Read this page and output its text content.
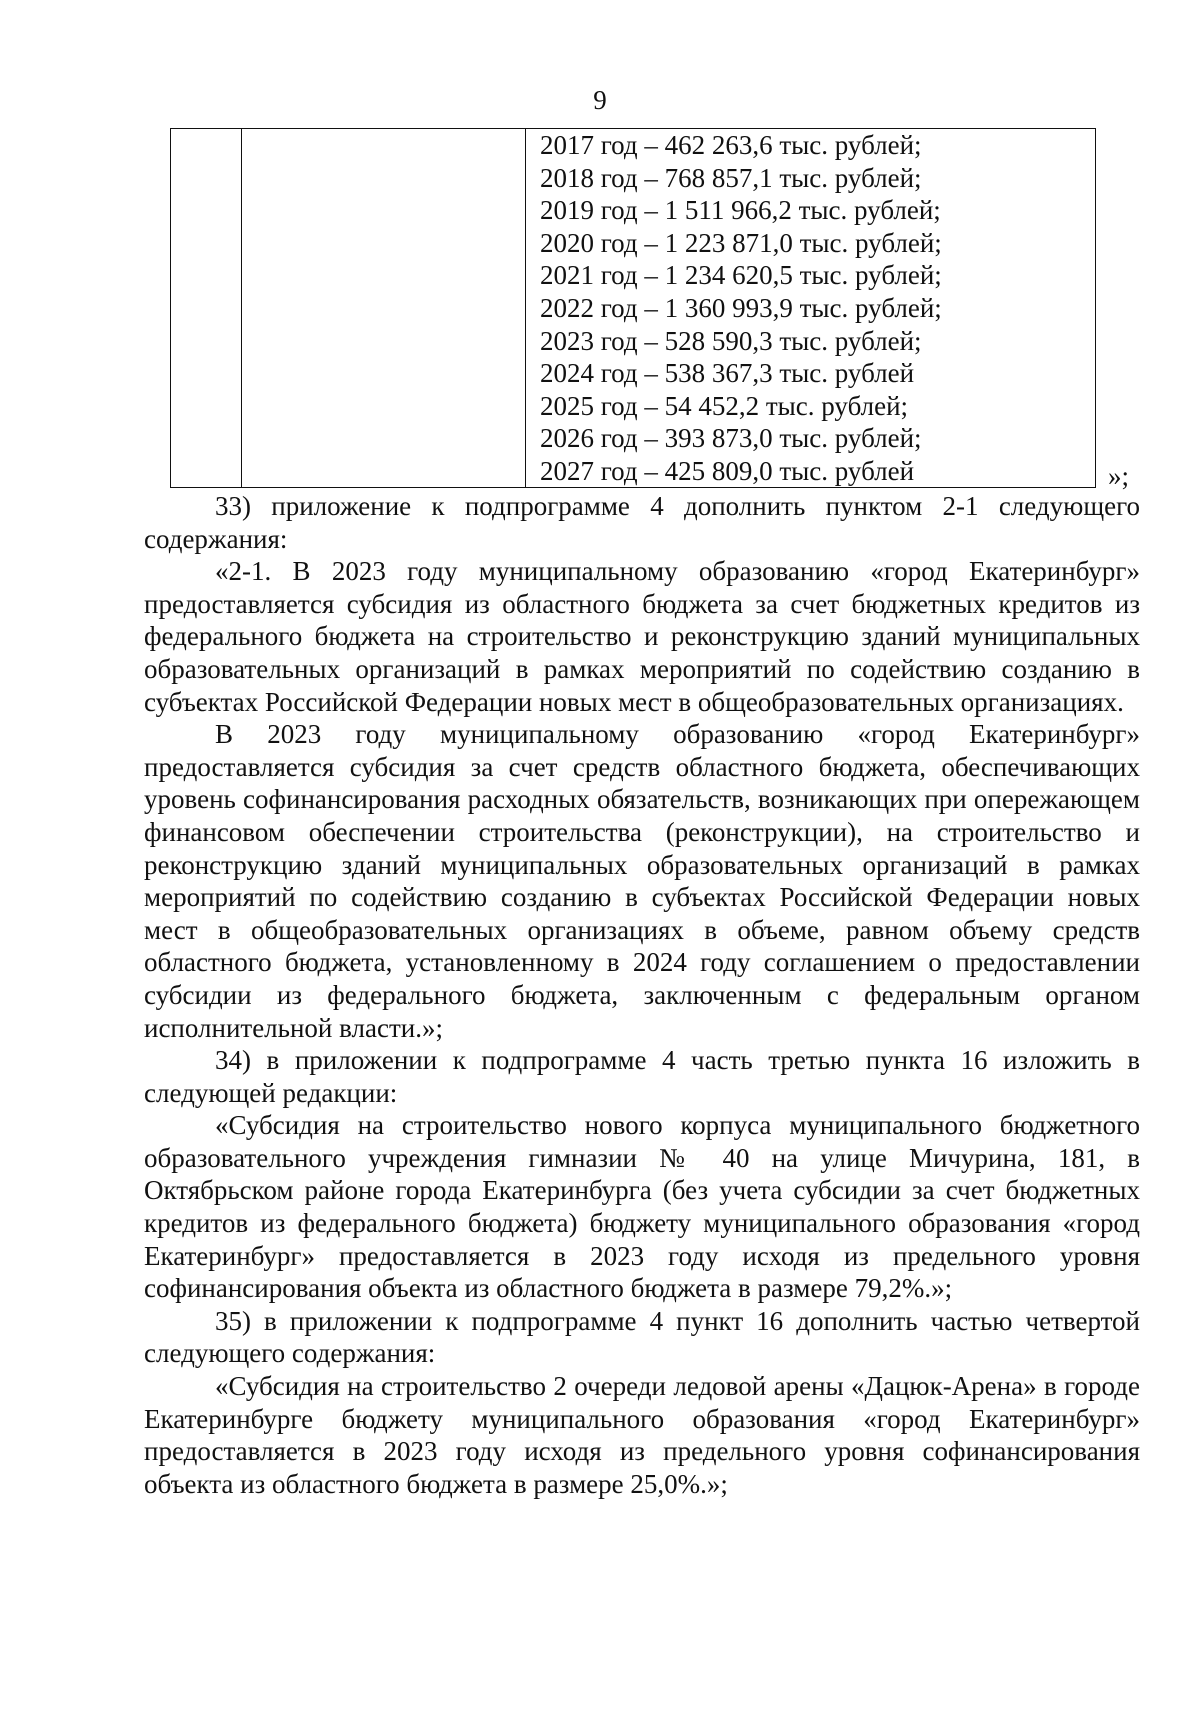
9
2017 год – 462 263,6 тыс. рублей;
2018 год – 768 857,1 тыс. рублей;
2019 год – 1 511 966,2 тыс. рублей;
2020 год – 1 223 871,0 тыс. рублей;
2021 год – 1 234 620,5 тыс. рублей;
2022 год – 1 360 993,9 тыс. рублей;
2023 год – 528 590,3 тыс. рублей;
2024 год – 538 367,3 тыс. рублей
2025 год – 54 452,2 тыс. рублей;
2026 год – 393 873,0 тыс. рублей;
2027 год – 425 809,0 тыс. рублей	»;

33) приложение к подпрограмме 4 дополнить пунктом 2-1 следующего содержания:

«2-1. В 2023 году муниципальному образованию «город Екатеринбург» предоставляется субсидия из областного бюджета за счет бюджетных кредитов из федерального бюджета на строительство и реконструкцию зданий муниципальных образовательных организаций в рамках мероприятий по содействию созданию в субъектах Российской Федерации новых мест в общеобразовательных организациях.

В 2023 году муниципальному образованию «город Екатеринбург» предоставляется субсидия за счет средств областного бюджета, обеспечивающих уровень софинансирования расходных обязательств, возникающих при опережающем финансовом обеспечении строительства (реконструкции), на строительство и реконструкцию зданий муниципальных образовательных организаций в рамках мероприятий по содействию созданию в субъектах Российской Федерации новых мест в общеобразовательных организациях в объеме, равном объему средств областного бюджета, установленному в 2024 году соглашением о предоставлении субсидии из федерального бюджета, заключенным с федеральным органом исполнительной власти.»;

34) в приложении к подпрограмме 4 часть третью пункта 16 изложить в следующей редакции:

«Субсидия на строительство нового корпуса муниципального бюджетного образовательного учреждения гимназии № 40 на улице Мичурина, 181, в Октябрьском районе города Екатеринбурга (без учета субсидии за счет бюджетных кредитов из федерального бюджета) бюджету муниципального образования «город Екатеринбург» предоставляется в 2023 году исходя из предельного уровня софинансирования объекта из областного бюджета в размере 79,2%.»;

35) в приложении к подпрограмме 4 пункт 16 дополнить частью четвертой следующего содержания:

«Субсидия на строительство 2 очереди ледовой арены «Дацюк-Арена» в городе Екатеринбурге бюджету муниципального образования «город Екатеринбург» предоставляется в 2023 году исходя из предельного уровня софинансирования объекта из областного бюджета в размере 25,0%.»;
